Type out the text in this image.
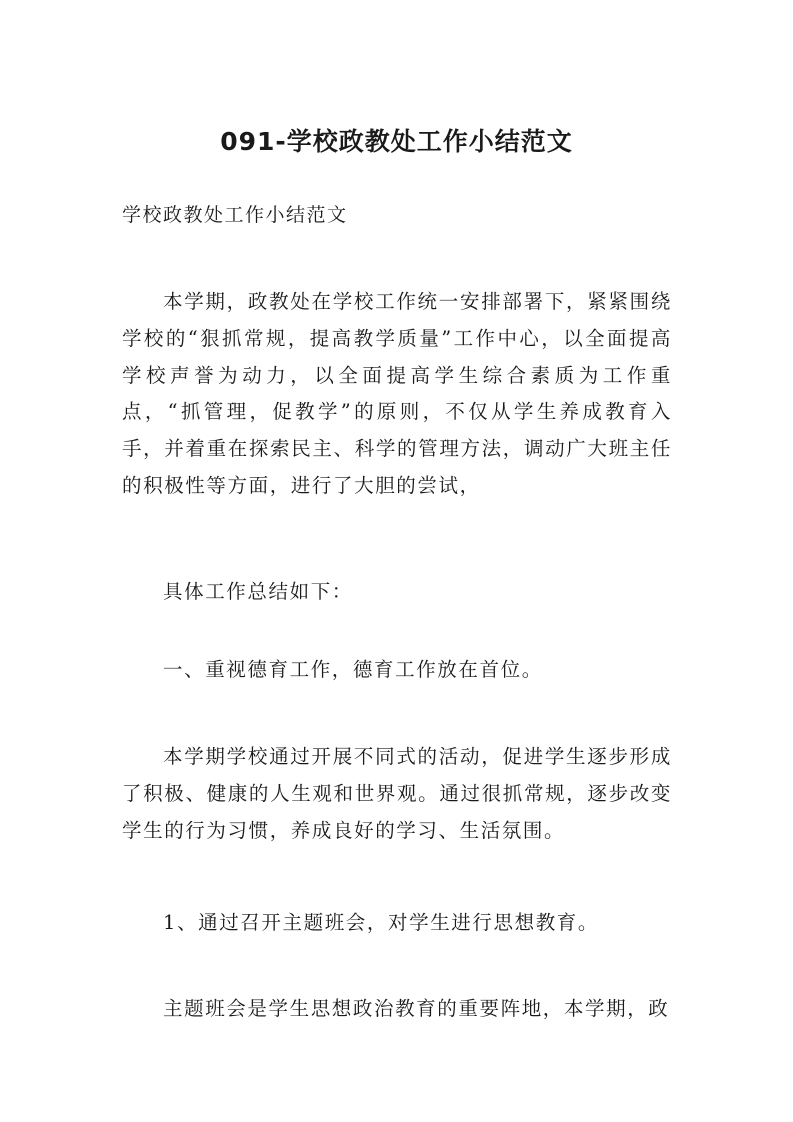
091-学校政教处工作小结范文

学校政教处工作小结范文

本学期，政教处在学校工作统一安排部署下，紧紧围绕学校的“狠抓常规，提高教学质量”工作中心，以全面提高学校声誉为动力，以全面提高学生综合素质为工作重点，“抓管理，促教学”的原则，不仅从学生养成教育入手，并着重在探索民主、科学的管理方法，调动广大班主任的积极性等方面，进行了大胆的尝试，

具体工作总结如下：

一、重视德育工作，德育工作放在首位。

本学期学校通过开展不同式的活动，促进学生逐步形成了积极、健康的人生观和世界观。通过很抓常规，逐步改变学生的行为习惯，养成良好的学习、生活氛围。

1、通过召开主题班会，对学生进行思想教育。

主题班会是学生思想政治教育的重要阵地，本学期，政
